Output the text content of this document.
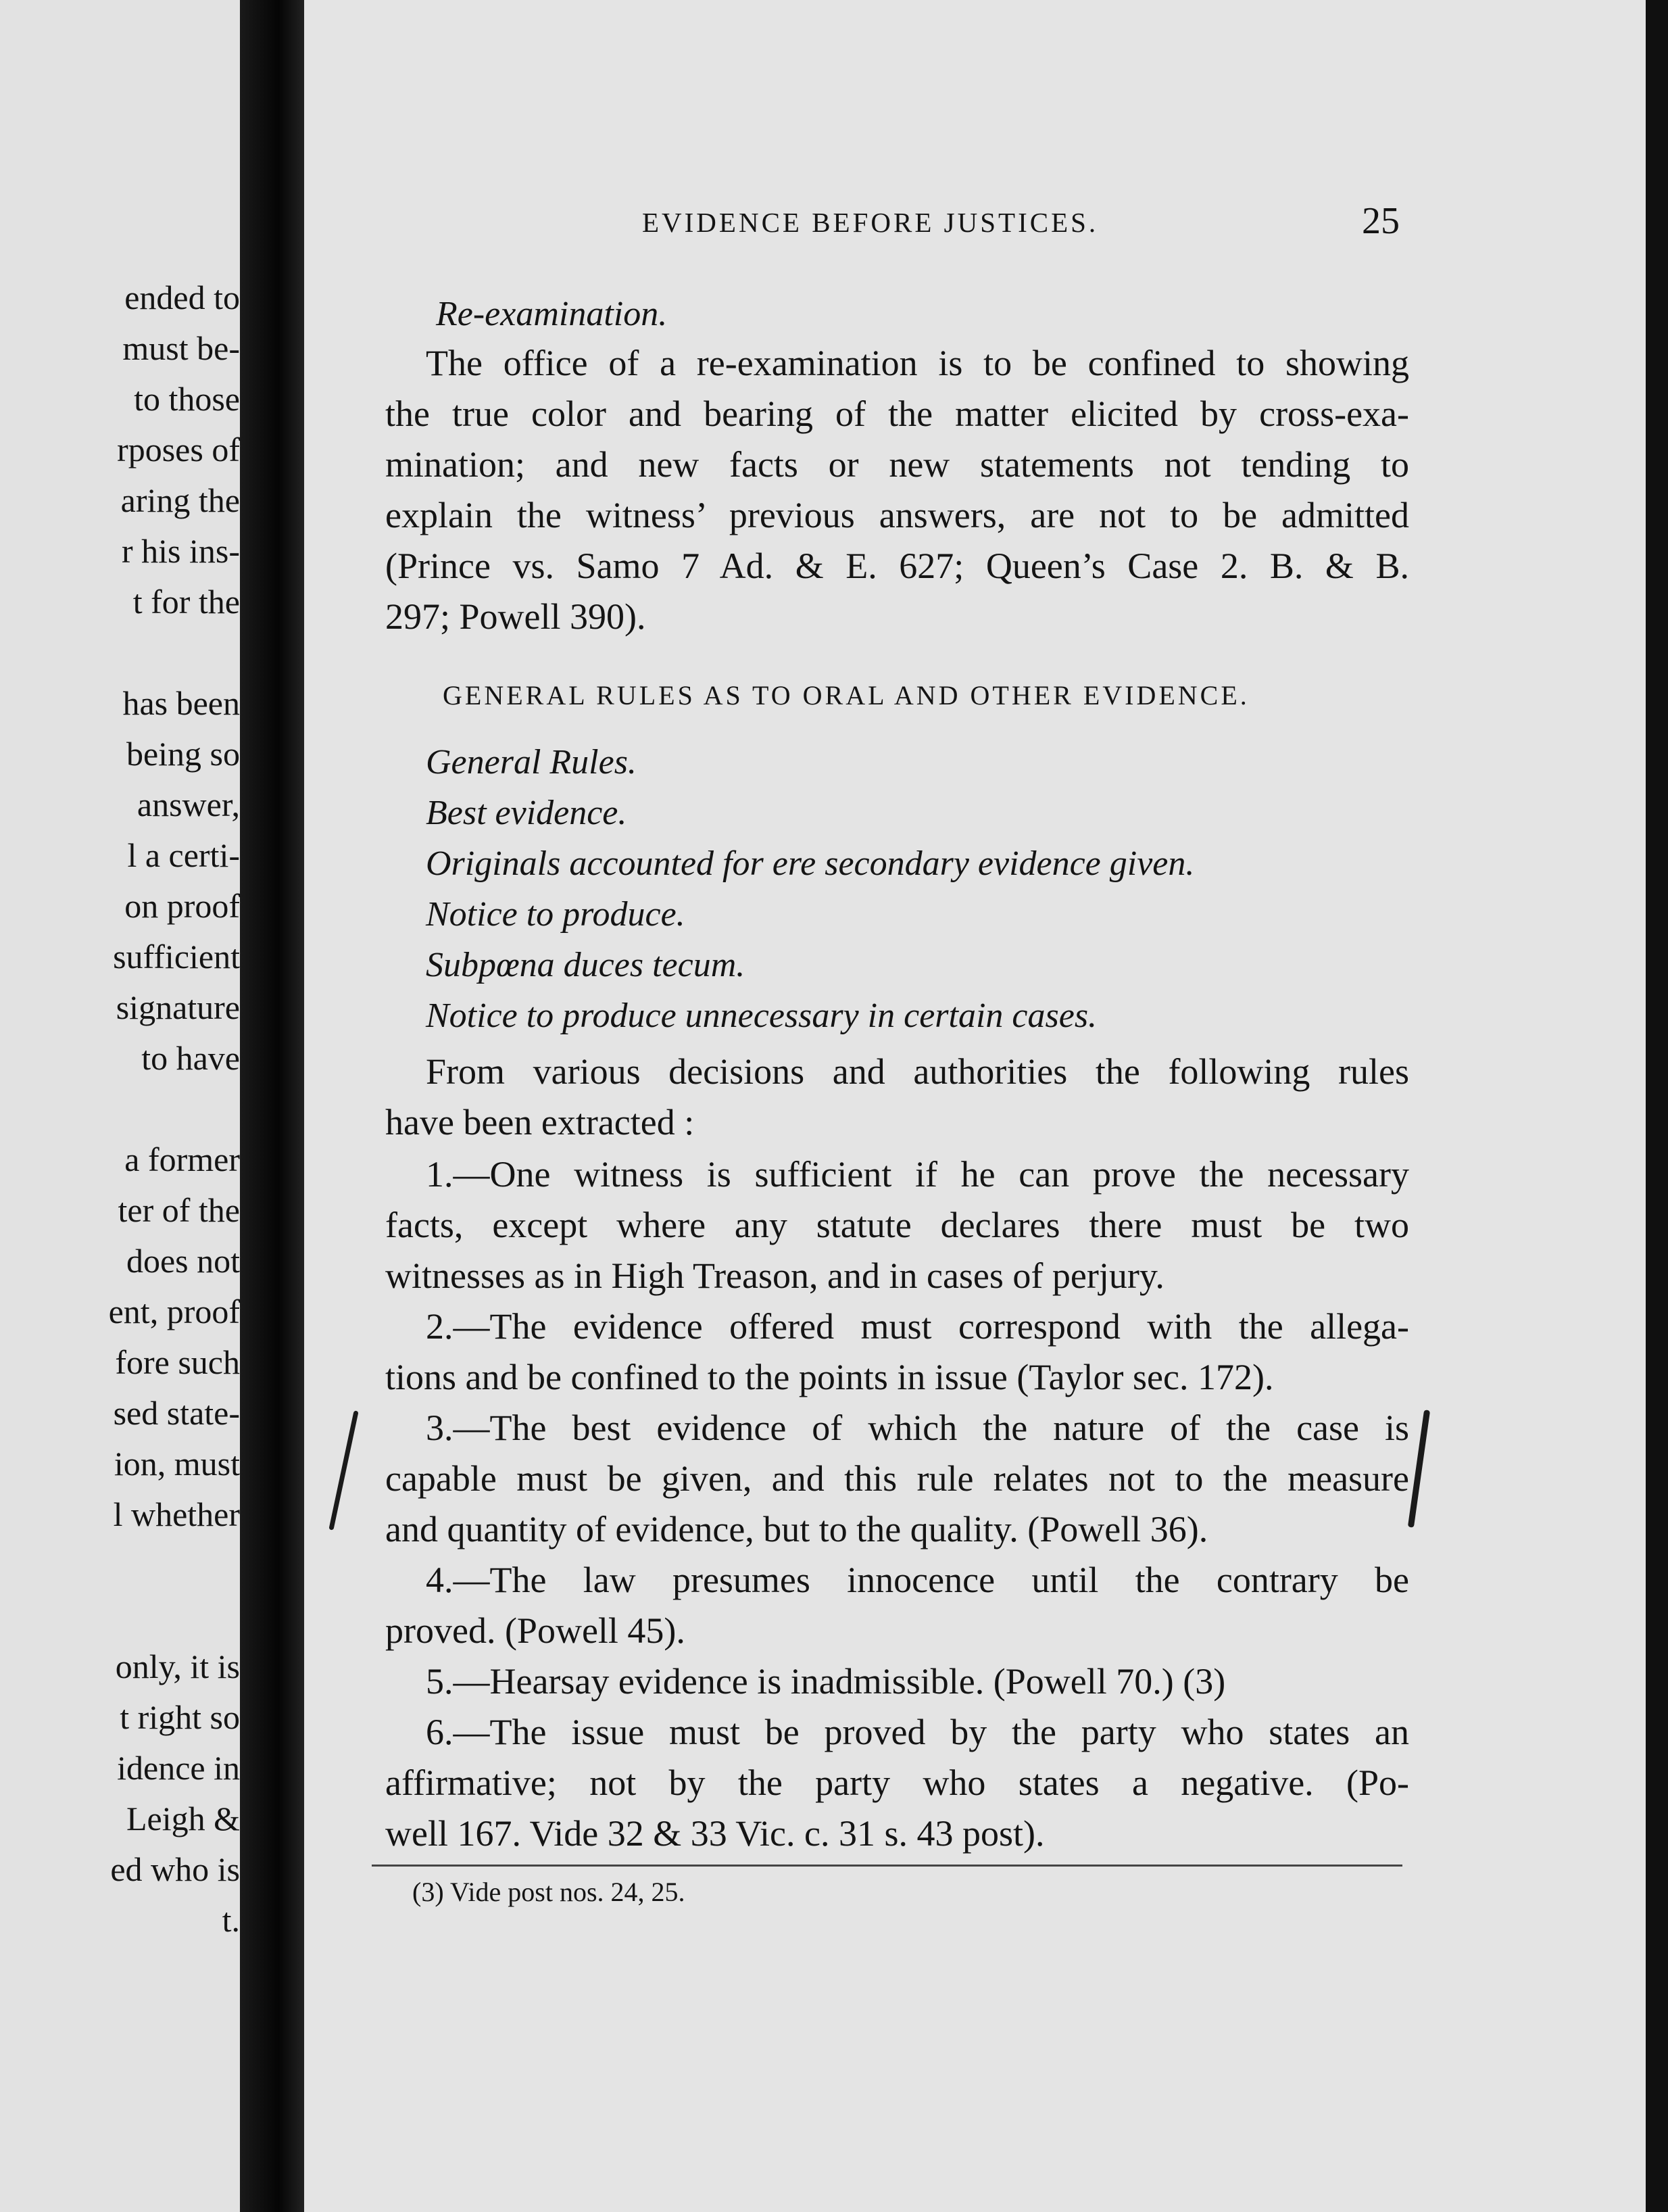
ended to
must be-
to those
rposes of
aring the
r his ins-
t for the
has been
being so
answer,
l a certi-
on proof
sufficient
signature
to have
a former
ter of the
does not
ent, proof
fore such
sed state-
ion, must
l whether
only, it is
t right so
idence in
Leigh &
ed who is
t.
EVIDENCE BEFORE JUSTICES.	25
Re-examination.
The office of a re-examination is to be confined to showing
the true color and bearing of the matter elicited by cross-exa-
mination; and new facts or new statements not tending to
explain the witness’ previous answers, are not to be admitted
(Prince vs. Samo 7 Ad. & E. 627; Queen’s Case 2. B. & B.
297; Powell 390).
GENERAL RULES AS TO ORAL AND OTHER EVIDENCE.
General Rules.
Best evidence.
Originals accounted for ere secondary evidence given.
Notice to produce.
Subpœna duces tecum.
Notice to produce unnecessary in certain cases.
From various decisions and authorities the following rules
have been extracted :
1.—One witness is sufficient if he can prove the necessary
facts, except where any statute declares there must be two
witnesses as in High Treason, and in cases of perjury.
2.—The evidence offered must correspond with the allega-
tions and be confined to the points in issue (Taylor sec. 172).
3.—The best evidence of which the nature of the case is
capable must be given, and this rule relates not to the measure
and quantity of evidence, but to the quality. (Powell 36).
4.—The law presumes innocence until the contrary be
proved. (Powell 45).
5.—Hearsay evidence is inadmissible. (Powell 70.) (3)
6.—The issue must be proved by the party who states an
affirmative; not by the party who states a negative. (Po-
well 167. Vide 32 & 33 Vic. c. 31 s. 43 post).
(3) Vide post nos. 24, 25.
